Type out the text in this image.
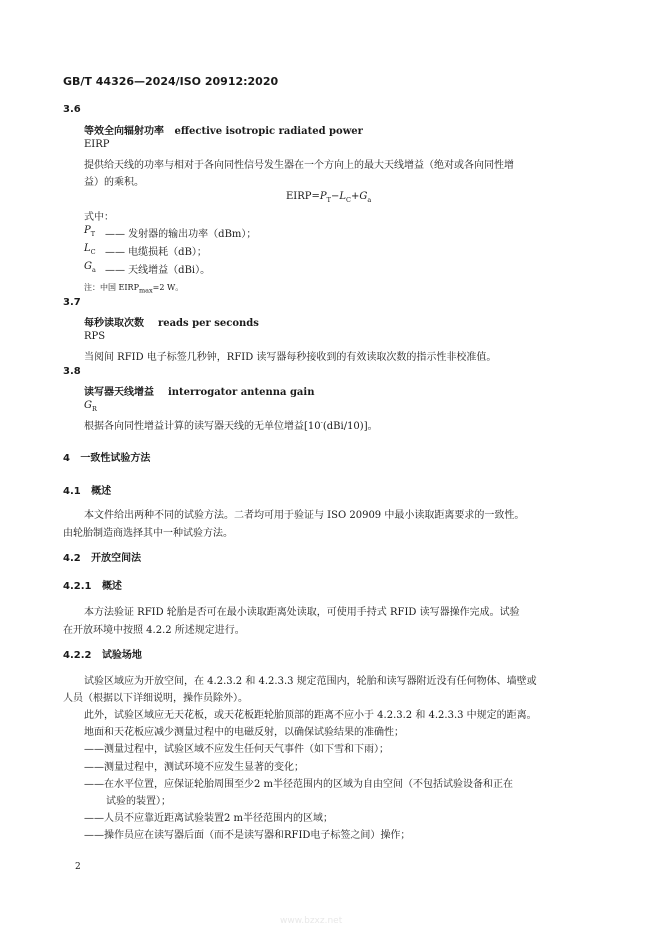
GB/T 44326—2024/ISO 20912:2020
3.6
等效全向辐射功率 effective isotropic radiated power
EIRP
提供给天线的功率与相对于各向同性信号发生器在一个方向上的最大天线增益（绝对或各向同性增
益）的乘积。
$EIRP=P_T-L_C+G_a$
式中：
$P_T$ —— 发射器的输出功率（dBm）；
$L_C$ —— 电缆损耗（dB）；
$G_a$ —— 天线增益（dBi）。
注：中国 $EIRP_{max}=2$ W。
3.7
每秒读取次数 reads per seconds
RPS
当阅间 RFID 电子标签几秒钟，RFID 读写器每秒接收到的有效读取次数的指示性非校准值。
3.8
读写器天线增益 interrogator antenna gain
$G_R$
根据各向同性增益计算的读写器天线的无单位增益[10-(dBi/10)]。
4 一致性试验方法
4.1 概述
本文件给出两种不同的试验方法。二者均可用于验证与 ISO 20909 中最小读取距离要求的一致性。
由轮胎制造商选择其中一种试验方法。
4.2 开放空间法
4.2.1 概述
本方法验证 RFID 轮胎是否可在最小读取距离处读取，可使用手持式 RFID 读写器操作完成。试验
在开放环境中按照 4.2.2 所述规定进行。
4.2.2 试验场地
试验区域应为开放空间，在 4.2.3.2 和 4.2.3.3 规定范围内，轮胎和读写器附近没有任何物体、墙壁或
人员（根据以下详细说明，操作员除外）。
此外，试验区域应无天花板，或天花板距轮胎顶部的距离不应小于 4.2.3.2 和 4.2.3.3 中规定的距离。
地面和天花板应减少测量过程中的电磁反射，以确保试验结果的准确性；
——测量过程中，试验区域不应发生任何天气事件（如下雪和下雨）；
——测量过程中，测试环境不应发生显著的变化；
——在水平位置，应保证轮胎周围至少2 m半径范围内的区域为自由空间（不包括试验设备和正在
试验的装置）；
——人员不应靠近距离试验装置2 m半径范围内的区域；
——操作员应在读写器后面（而不是读写器和RFID电子标签之间）操作；
2
www.bzxz.net
